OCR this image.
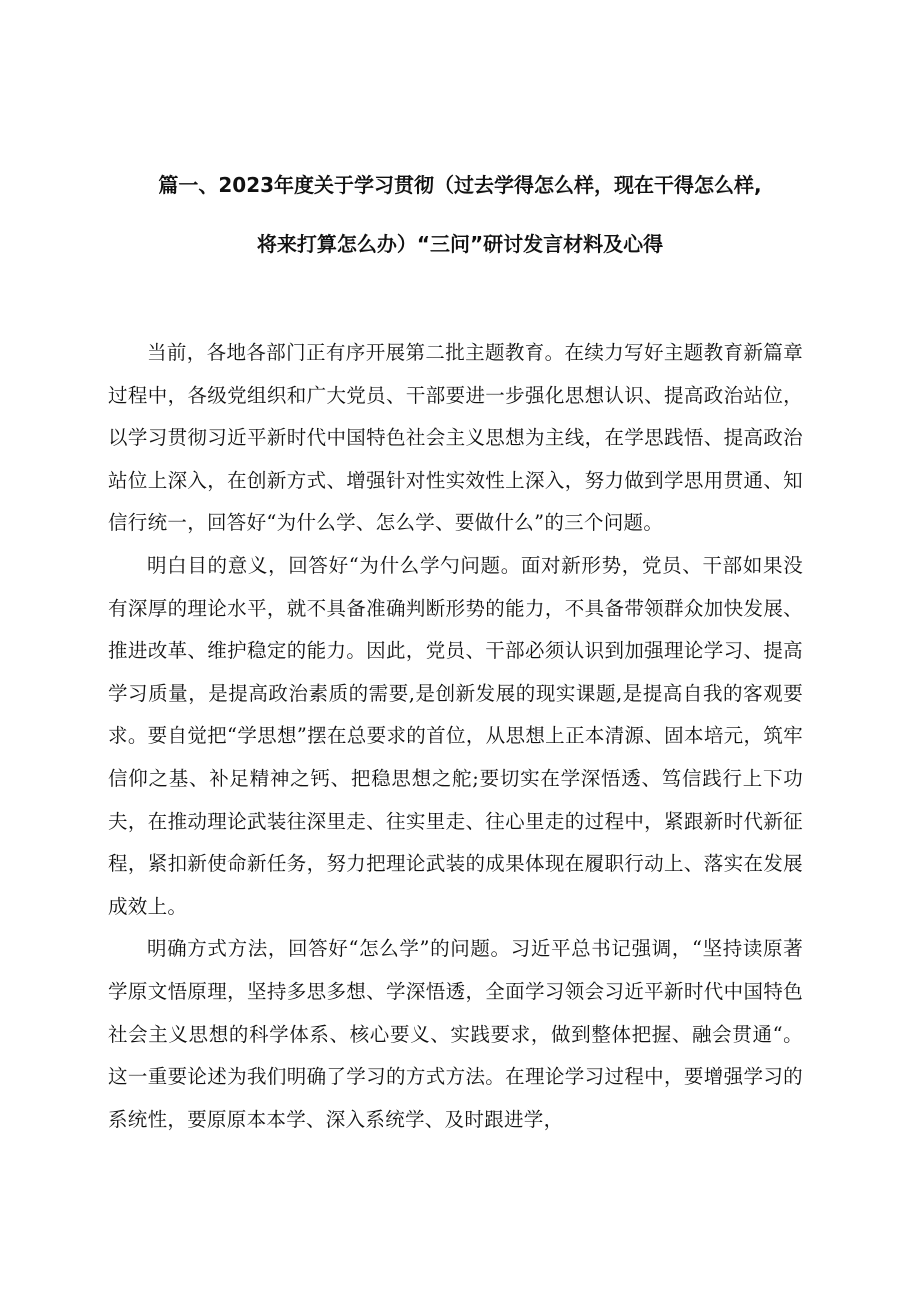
篇一、2023年度关于学习贯彻（过去学得怎么样，现在干得怎么样,
将来打算怎么办）“三问”研讨发言材料及心得

当前，各地各部门正有序开展第二批主题教育。在续力写好主题教育新篇章过程中，各级党组织和广大党员、干部要进一步强化思想认识、提高政治站位，以学习贯彻习近平新时代中国特色社会主义思想为主线，在学思践悟、提高政治站位上深入，在创新方式、增强针对性实效性上深入，努力做到学思用贯通、知信行统一，回答好“为什么学、怎么学、要做什么”的三个问题。

明白目的意义，回答好“为什么学勺问题。面对新形势，党员、干部如果没有深厚的理论水平，就不具备准确判断形势的能力，不具备带领群众加快发展、推进改革、维护稳定的能力。因此，党员、干部必须认识到加强理论学习、提高学习质量，是提高政治素质的需要,是创新发展的现实课题,是提高自我的客观要求。要自觉把“学思想”摆在总要求的首位，从思想上正本清源、固本培元，筑牢信仰之基、补足精神之钙、把稳思想之舵;要切实在学深悟透、笃信践行上下功夫，在推动理论武装往深里走、往实里走、往心里走的过程中，紧跟新时代新征程，紧扣新使命新任务，努力把理论武装的成果体现在履职行动上、落实在发展成效上。

明确方式方法，回答好“怎么学”的问题。习近平总书记强调，“坚持读原著学原文悟原理，坚持多思多想、学深悟透，全面学习领会习近平新时代中国特色社会主义思想的科学体系、核心要义、实践要求，做到整体把握、融会贯通“。这一重要论述为我们明确了学习的方式方法。在理论学习过程中，要增强学习的系统性，要原原本本学、深入系统学、及时跟进学，
